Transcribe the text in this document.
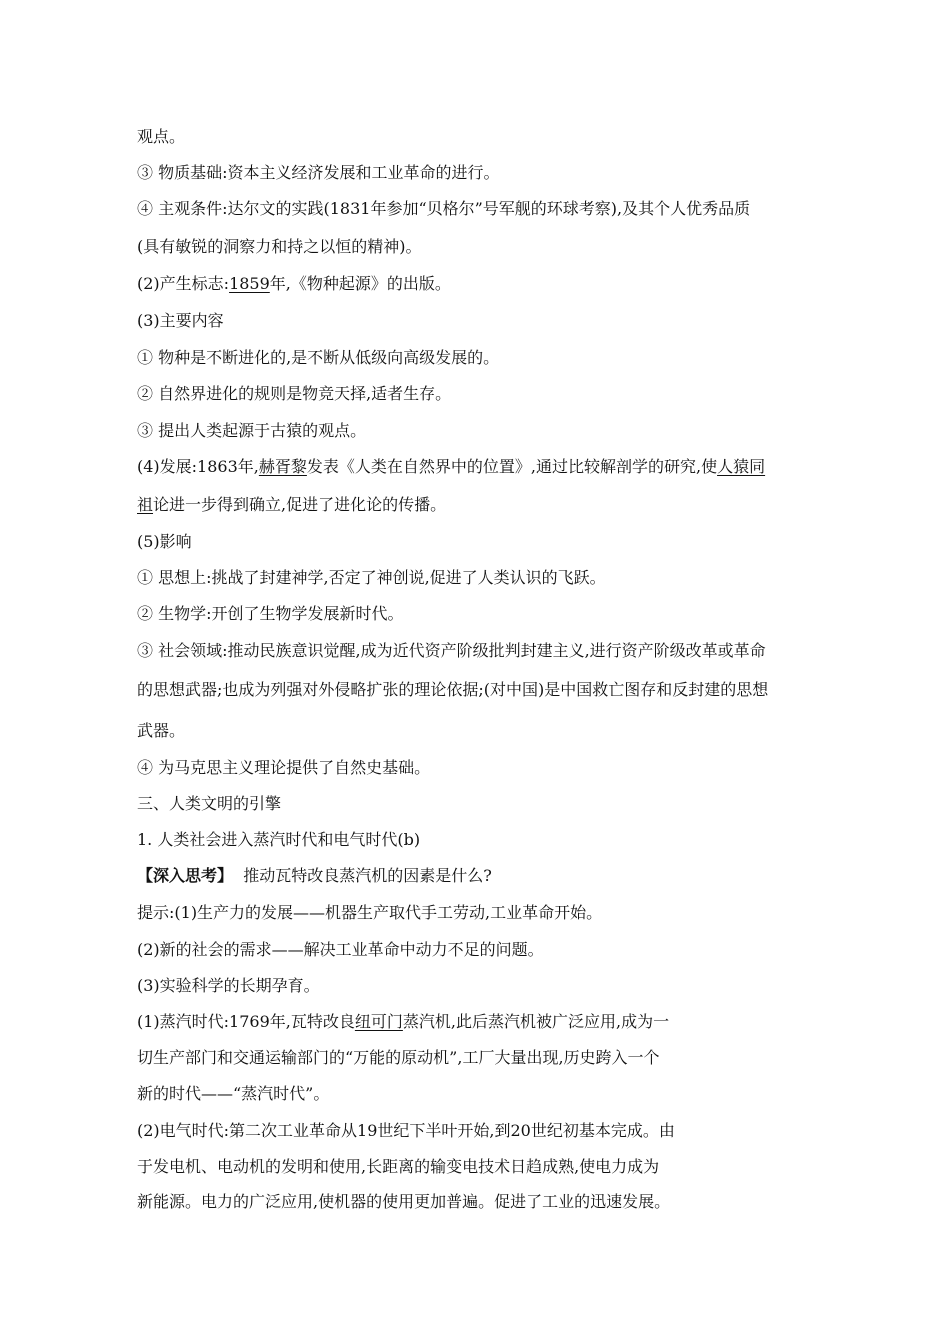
观点。
③ 物质基础:资本主义经济发展和工业革命的进行。
④ 主观条件:达尔文的实践(1831年参加“贝格尔”号军舰的环球考察),及其个人优秀品质
(具有敏锐的洞察力和持之以恒的精神)。
(2)产生标志:1859年,《物种起源》的出版。
(3)主要内容
① 物种是不断进化的,是不断从低级向高级发展的。
② 自然界进化的规则是物竞天择,适者生存。
③ 提出人类起源于古猿的观点。
(4)发展:1863年,赫胥黎发表《人类在自然界中的位置》,通过比较解剖学的研究,使人猿同
祖论进一步得到确立,促进了进化论的传播。
(5)影响
① 思想上:挑战了封建神学,否定了神创说,促进了人类认识的飞跃。
② 生物学:开创了生物学发展新时代。
③ 社会领域:推动民族意识觉醒,成为近代资产阶级批判封建主义,进行资产阶级改革或革命
的思想武器;也成为列强对外侵略扩张的理论依据;(对中国)是中国救亡图存和反封建的思想
武器。
④ 为马克思主义理论提供了自然史基础。
三、人类文明的引擎
1. 人类社会进入蒸汽时代和电气时代(b)
【深入思考】  推动瓦特改良蒸汽机的因素是什么?
提示:(1)生产力的发展——机器生产取代手工劳动,工业革命开始。
(2)新的社会的需求——解决工业革命中动力不足的问题。
(3)实验科学的长期孕育。
(1)蒸汽时代:1769年,瓦特改良纽可门蒸汽机,此后蒸汽机被广泛应用,成为一
切生产部门和交通运输部门的“万能的原动机”,工厂大量出现,历史跨入一个
新的时代——“蒸汽时代”。
(2)电气时代:第二次工业革命从19世纪下半叶开始,到20世纪初基本完成。由
于发电机、电动机的发明和使用,长距离的输变电技术日趋成熟,使电力成为
新能源。电力的广泛应用,使机器的使用更加普遍。促进了工业的迅速发展。
